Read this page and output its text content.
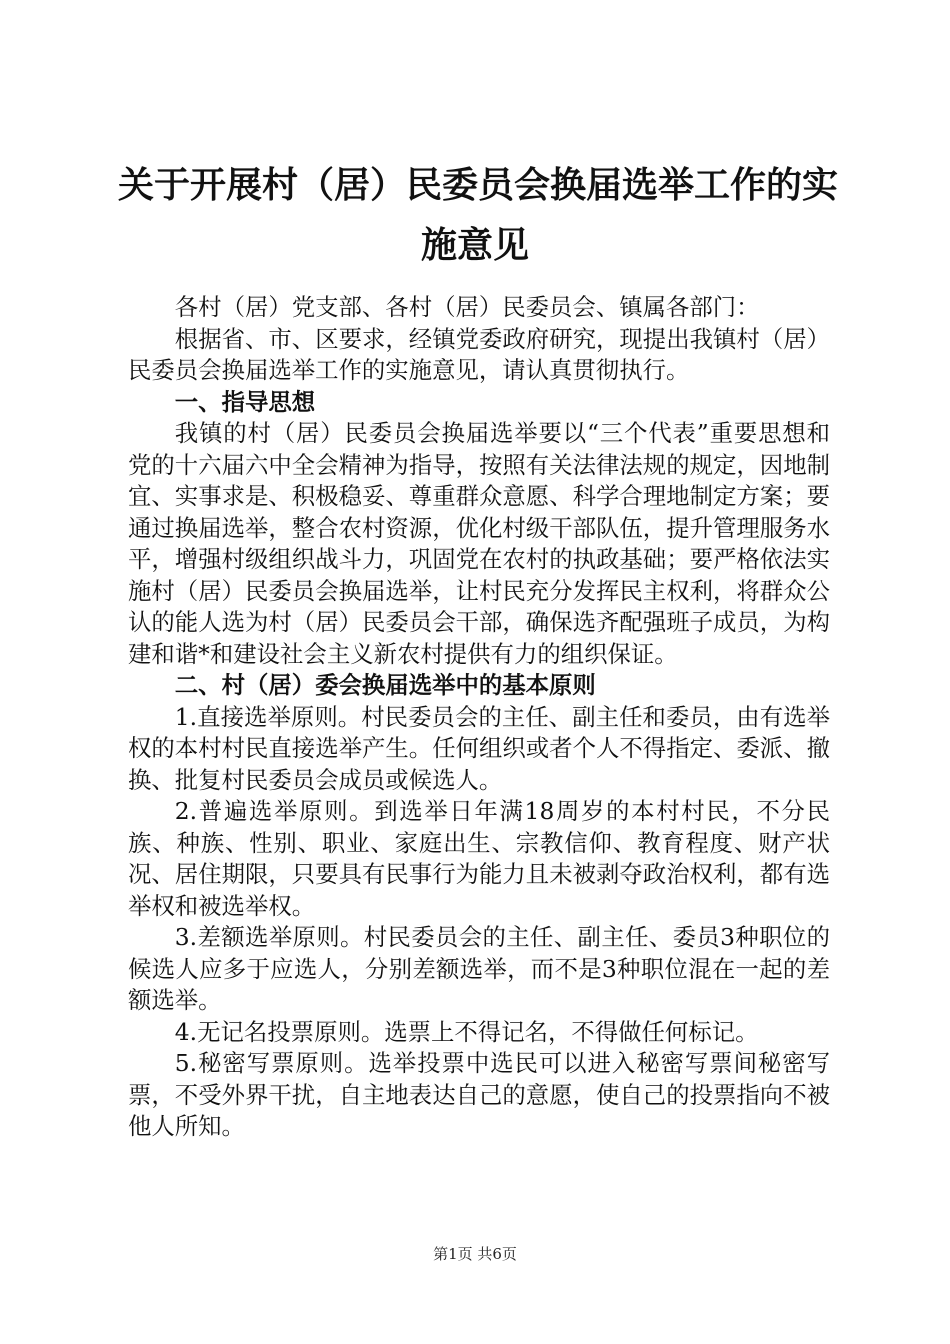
关于开展村（居）民委员会换届选举工作的实
施意见

各村（居）党支部、各村（居）民委员会、镇属各部门：

根据省、市、区要求，经镇党委政府研究，现提出我镇村（居）民委员会换届选举工作的实施意见，请认真贯彻执行。

一、指导思想

我镇的村（居）民委员会换届选举要以“三个代表”重要思想和党的十六届六中全会精神为指导，按照有关法律法规的规定，因地制宜、实事求是、积极稳妥、尊重群众意愿、科学合理地制定方案；要通过换届选举，整合农村资源，优化村级干部队伍，提升管理服务水平，增强村级组织战斗力，巩固党在农村的执政基础；要严格依法实施村（居）民委员会换届选举，让村民充分发挥民主权利，将群众公认的能人选为村（居）民委员会干部，确保选齐配强班子成员，为构建和谐*和建设社会主义新农村提供有力的组织保证。

二、村（居）委会换届选举中的基本原则

1.直接选举原则。村民委员会的主任、副主任和委员，由有选举权的本村村民直接选举产生。任何组织或者个人不得指定、委派、撤换、批复村民委员会成员或候选人。

2.普遍选举原则。到选举日年满18周岁的本村村民，不分民族、种族、性别、职业、家庭出生、宗教信仰、教育程度、财产状况、居住期限，只要具有民事行为能力且未被剥夺政治权利，都有选举权和被选举权。

3.差额选举原则。村民委员会的主任、副主任、委员3种职位的候选人应多于应选人，分别差额选举，而不是3种职位混在一起的差额选举。

4.无记名投票原则。选票上不得记名，不得做任何标记。

5.秘密写票原则。选举投票中选民可以进入秘密写票间秘密写票，不受外界干扰，自主地表达自己的意愿，使自己的投票指向不被他人所知。

第1页 共6页
